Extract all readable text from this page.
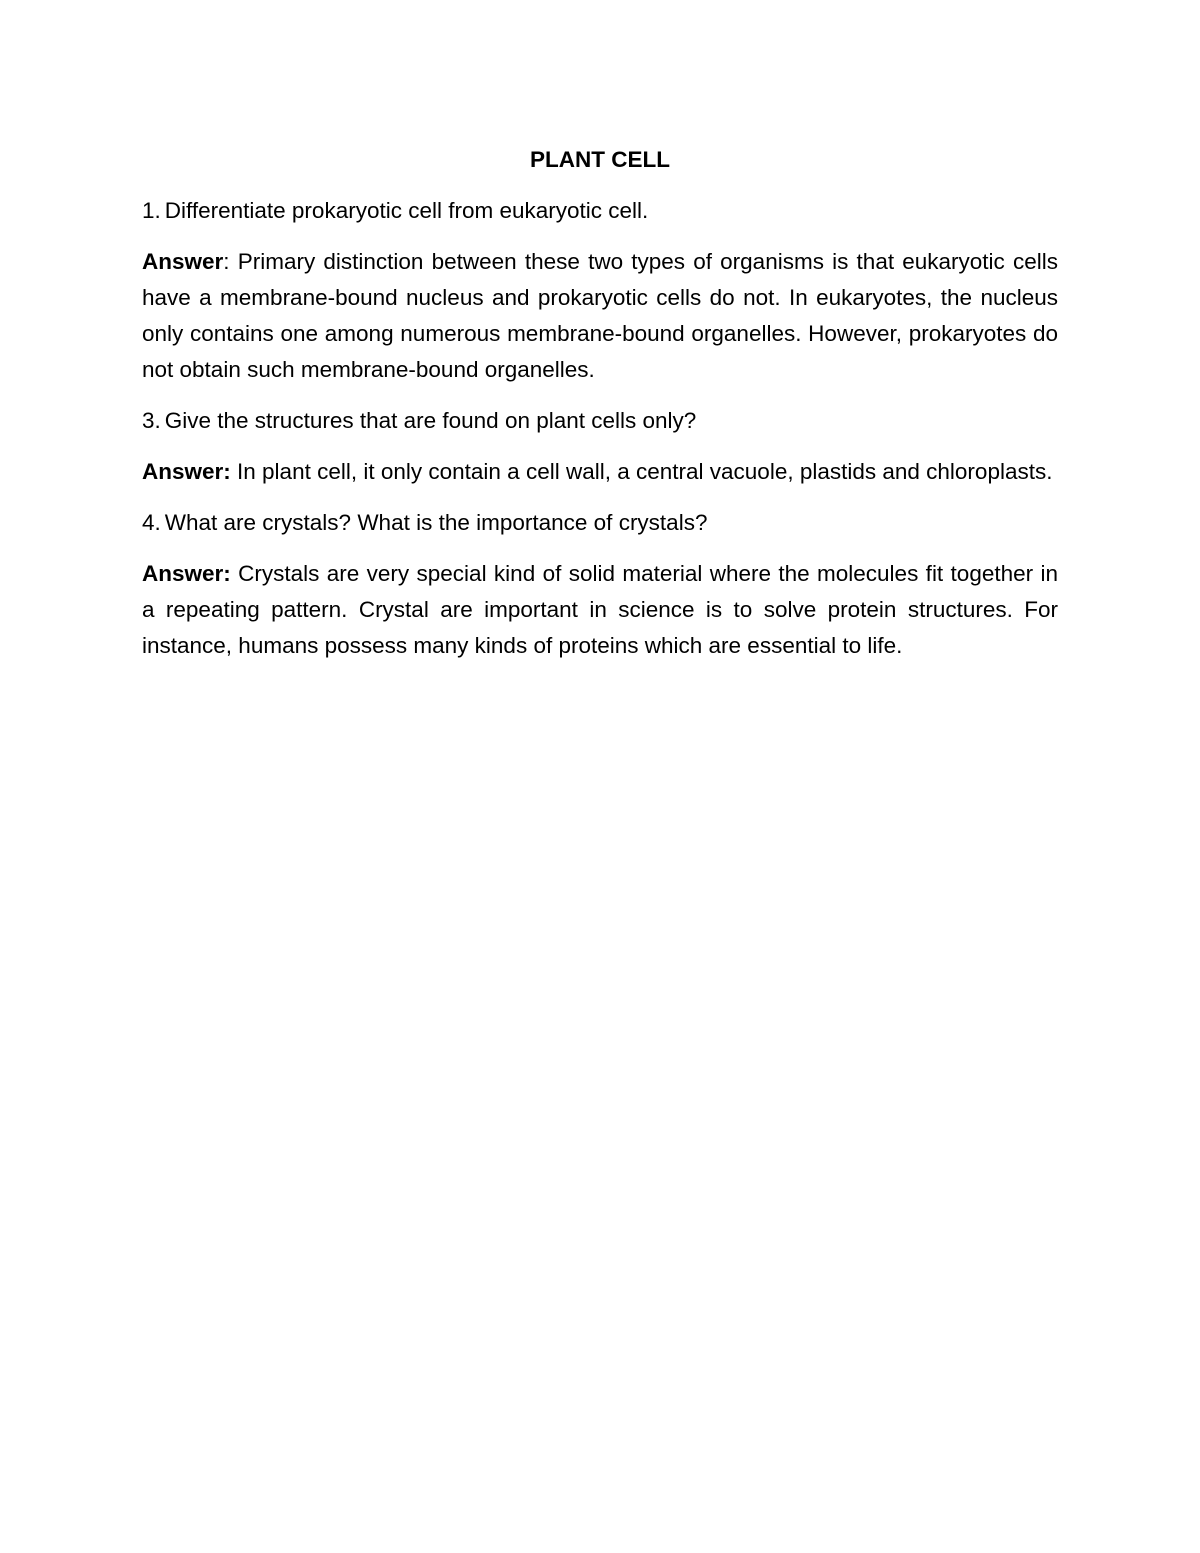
PLANT CELL

1. Differentiate prokaryotic cell from eukaryotic cell.

Answer: Primary distinction between these two types of organisms is that eukaryotic cells have a membrane-bound nucleus and prokaryotic cells do not. In eukaryotes, the nucleus only contains one among numerous membrane-bound organelles. However, prokaryotes do not obtain such membrane-bound organelles.

3. Give the structures that are found on plant cells only?

Answer: In plant cell, it only contain a cell wall, a central vacuole, plastids and chloroplasts.

4. What are crystals? What is the importance of crystals?

Answer: Crystals are very special kind of solid material where the molecules fit together in a repeating pattern. Crystal are important in science is to solve protein structures. For instance, humans possess many kinds of proteins which are essential to life.
